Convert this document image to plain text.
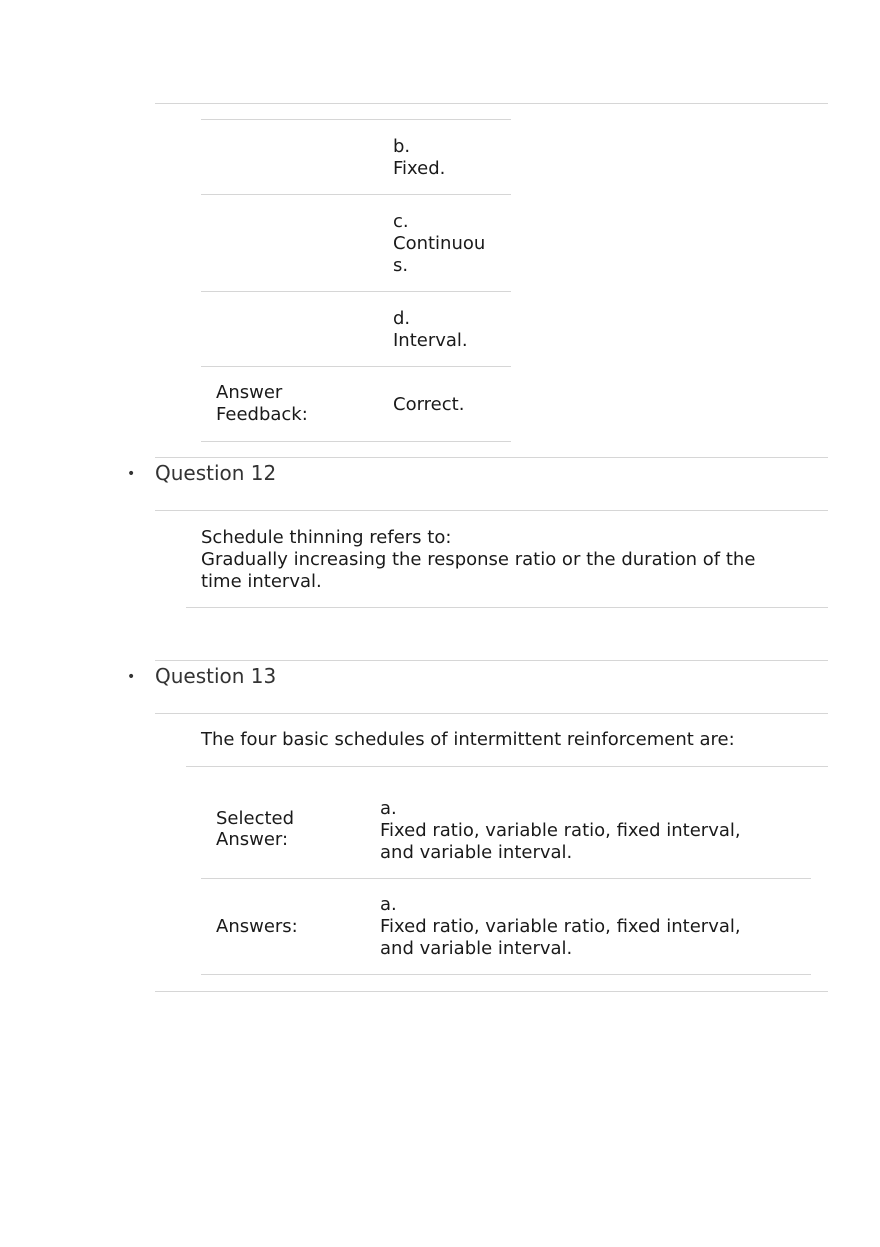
b.
Fixed.
c.
Continuou
s.
d.
Interval.
Answer
Feedback:	Correct.
• Question 12
Schedule thinning refers to:
Gradually increasing the response ratio or the duration of the
time interval.
• Question 13
The four basic schedules of intermittent reinforcement are:
Selected
Answer:
a.
Fixed ratio, variable ratio, fixed interval,
and variable interval.
Answers:
a.
Fixed ratio, variable ratio, fixed interval,
and variable interval.
